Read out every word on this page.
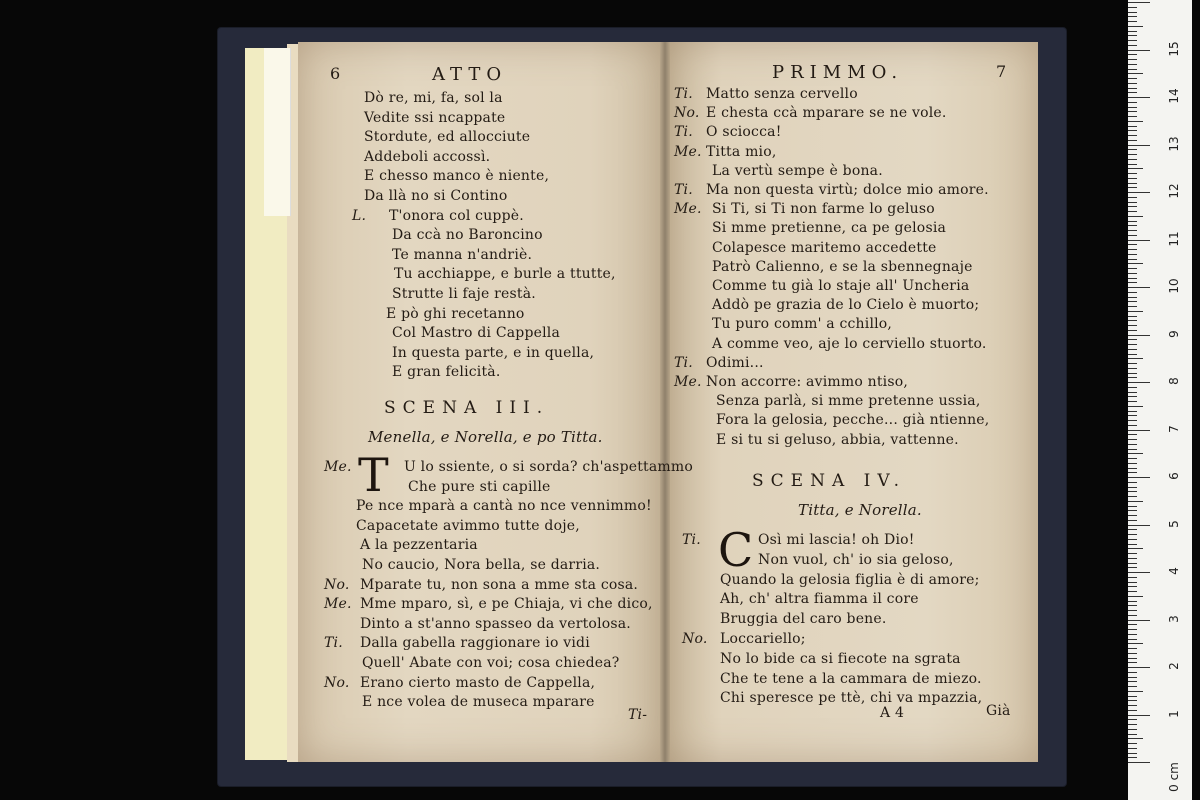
6	ATTO
SCENA III.
Menella, e Norella, e po Titta.
T
Ti-
Dò re, mi, fa, sol la
Vedite ssi ncappate
Stordute, ed allocciute
Addeboli accossì.
E chesso manco è niente,
Da llà no si Contino
L. T'onora col cuppè.
Da ccà no Baroncino
Te manna n'andriè.
Tu acchiappe, e burle a ttutte,
Strutte li faje restà.
E pò ghi recetanno
Col Mastro di Cappella
In questa parte, e in quella,
E gran felicità.
Me.	U lo ssiente, o si sorda? ch'aspettammo
Che pure sti capille
Pe nce mparà a cantà no nce vennimmo!
Capacetate avimmo tutte doje,
A la pezzentaria
No caucio, Nora bella, se darria.
No. Mparate tu, non sona a mme sta cosa.
Me. Mme mparo, sì, e pe Chiaja, vi che dico,
Dinto a st'anno spasseo da vertolosa.
Ti. Dalla gabella raggionare io vidi
Quell' Abate con voi; cosa chiedea?
No. Erano cierto masto de Cappella,
E nce volea de museca mparare
PRIMMO.	7
SCENA IV.
Titta, e Norella.
C
A 4	Già
Ti. Matto senza cervello
No. E chesta ccà mparare se ne vole.
Ti. O sciocca!
Me. Titta mio,
La vertù sempe è bona.
Ti. Ma non questa virtù; dolce mio amore.
Me. Si Ti, si Ti non farme lo geluso
Si mme pretienne, ca pe gelosia
Colapesce maritemo accedette
Patrò Calienno, e se la sbennegnaje
Comme tu già lo staje all' Uncheria
Addò pe grazia de lo Cielo è muorto;
Tu puro comm' a cchillo,
A comme veo, aje lo cerviello stuorto.
Ti. Odimi...
Me. Non accorre: avimmo ntiso,
Senza parlà, si mme pretenne ussia,
Fora la gelosia, pecche... già ntienne,
E si tu si geluso, abbia, vattenne.
Ti.	Osì mi lascia! oh Dio!
Non vuol, ch' io sia geloso,
Quando la gelosia figlia è di amore;
Ah, ch' altra fiamma il core
Bruggia del caro bene.
No. Loccariello;
No lo bide ca si fiecote na sgrata
Che te tene a la cammara de miezo.
Chi speresce pe ttè, chi va mpazzia,
0 cm
1
2
3
4
5
6
7
8
9
10
11
12
13
14
15
